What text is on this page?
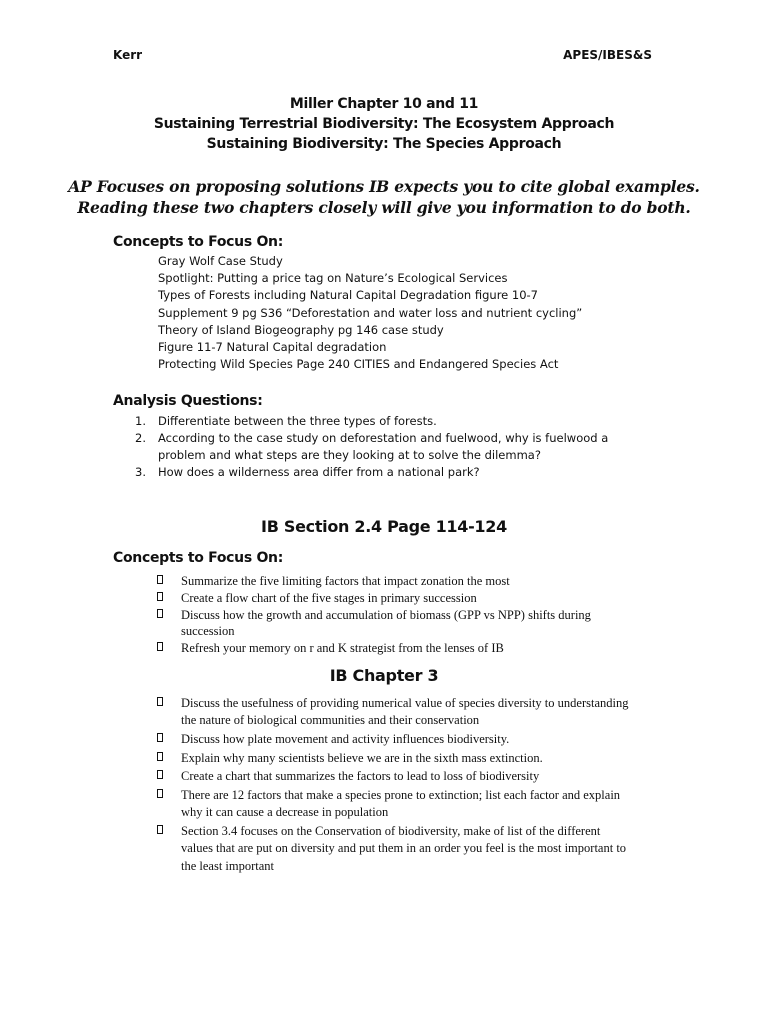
Kerr	APES/IBES&S
Miller Chapter 10 and 11
Sustaining Terrestrial Biodiversity: The Ecosystem Approach
Sustaining Biodiversity: The Species Approach
AP Focuses on proposing solutions IB expects you to cite global examples.
Reading these two chapters closely will give you information to do both.
Concepts to Focus On:
Gray Wolf Case Study
Spotlight: Putting a price tag on Nature’s Ecological Services
Types of Forests including Natural Capital Degradation figure 10-7
Supplement 9 pg S36 “Deforestation and water loss and nutrient cycling”
Theory of Island Biogeography pg 146 case study
Figure 11-7 Natural Capital degradation
Protecting Wild Species Page 240 CITIES and Endangered Species Act
Analysis Questions:
1. Differentiate between the three types of forests.
2. According to the case study on deforestation and fuelwood, why is fuelwood a problem and what steps are they looking at to solve the dilemma?
3. How does a wilderness area differ from a national park?
IB Section 2.4 Page 114-124
Concepts to Focus On:
Summarize the five limiting factors that impact zonation the most
Create a flow chart of the five stages in primary succession
Discuss how the growth and accumulation of biomass (GPP vs NPP) shifts during succession
Refresh your memory on r and K strategist from the lenses of IB
IB Chapter 3
Discuss the usefulness of providing numerical value of species diversity to understanding the nature of biological communities and their conservation
Discuss how plate movement and activity influences biodiversity.
Explain why many scientists believe we are in the sixth mass extinction.
Create a chart that summarizes the factors to lead to loss of biodiversity
There are 12 factors that make a species prone to extinction; list each factor and explain why it can cause a decrease in population
Section 3.4 focuses on the Conservation of biodiversity, make of list of the different values that are put on diversity and put them in an order you feel is the most important to the least important
